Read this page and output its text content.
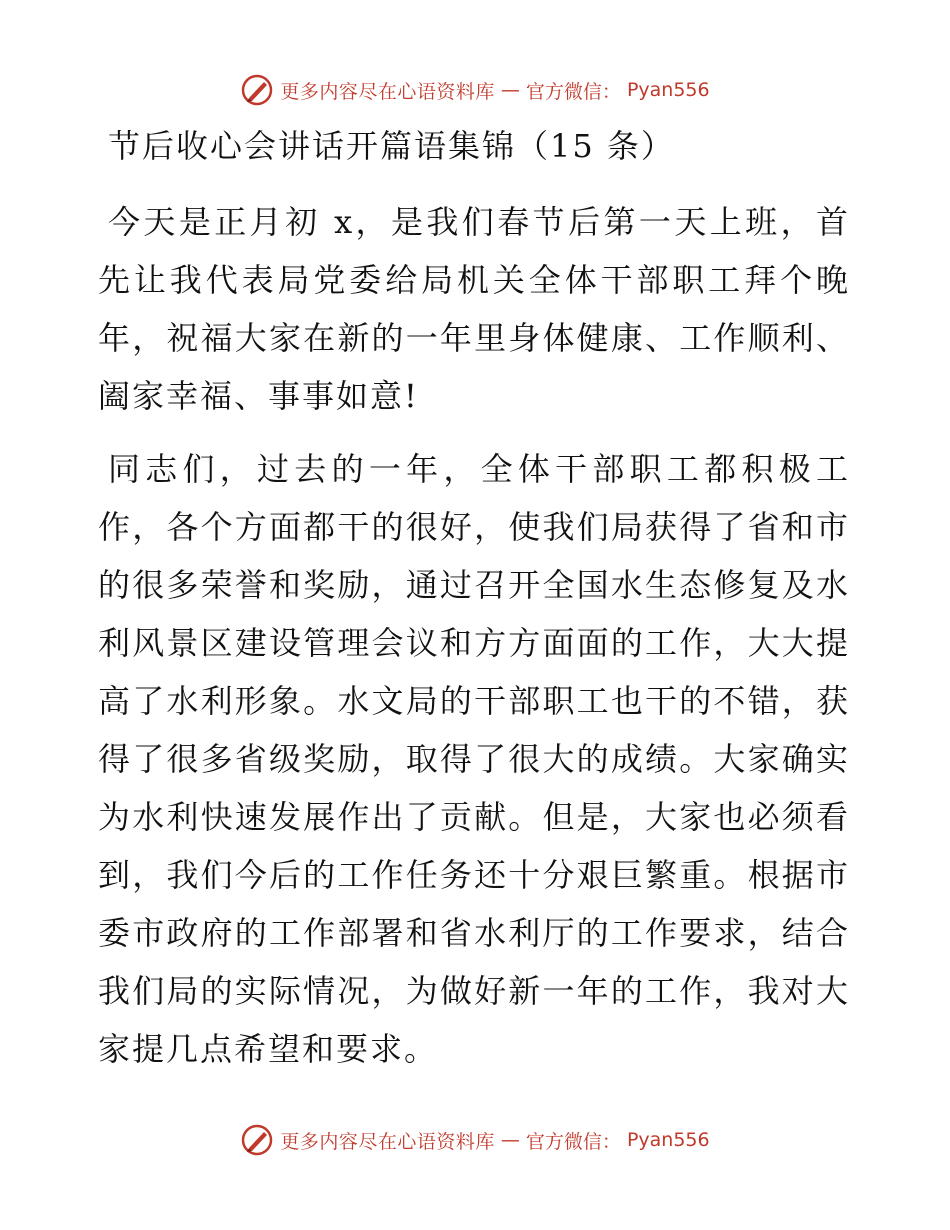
更多内容尽在心语资料库 — 官方微信： Pyan556
节后收心会讲话开篇语集锦（15 条）

今天是正月初 x，是我们春节后第一天上班，首先让我代表局党委给局机关全体干部职工拜个晚年，祝福大家在新的一年里身体健康、工作顺利、阖家幸福、事事如意!

同志们，过去的一年，全体干部职工都积极工作，各个方面都干的很好，使我们局获得了省和市的很多荣誉和奖励，通过召开全国水生态修复及水利风景区建设管理会议和方方面面的工作，大大提高了水利形象。水文局的干部职工也干的不错，获得了很多省级奖励，取得了很大的成绩。大家确实为水利快速发展作出了贡献。但是，大家也必须看到，我们今后的工作任务还十分艰巨繁重。根据市委市政府的工作部署和省水利厅的工作要求，结合我们局的实际情况，为做好新一年的工作，我对大家提几点希望和要求。

更多内容尽在心语资料库 — 官方微信： Pyan556
